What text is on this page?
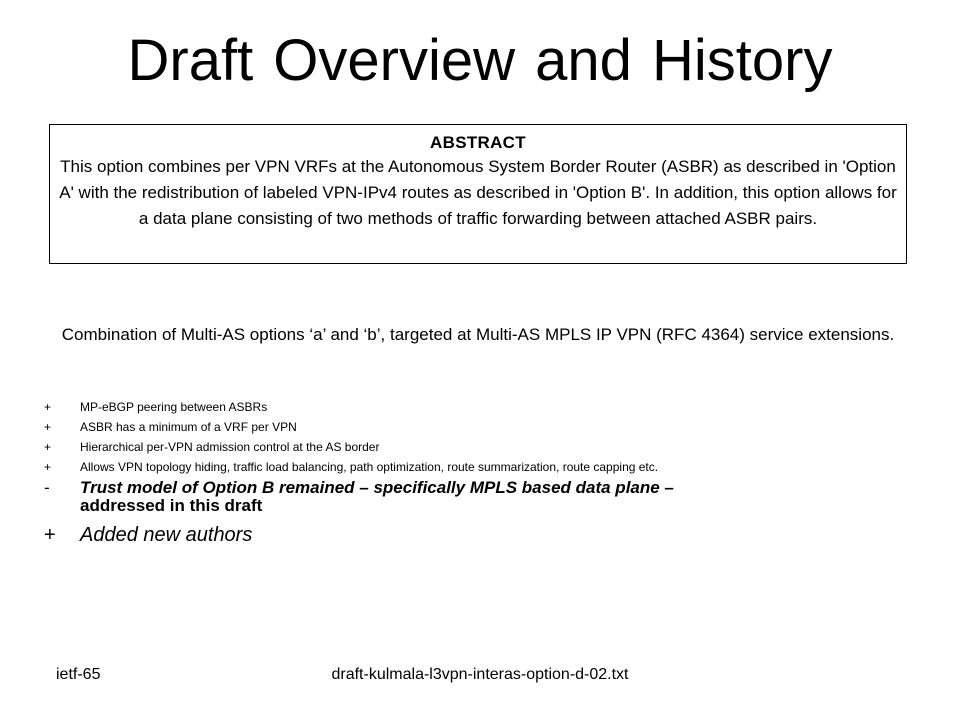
Draft Overview and History
ABSTRACT
This option combines per VPN VRFs at the Autonomous System Border Router (ASBR) as described in 'Option A' with the redistribution of labeled VPN-IPv4 routes as described in 'Option B'. In addition, this option allows for a data plane consisting of two methods of traffic forwarding between attached ASBR pairs.
Combination of Multi-AS options ‘a’ and ‘b’, targeted at Multi-AS MPLS IP VPN (RFC 4364) service extensions.
+ MP-eBGP peering between ASBRs
+ ASBR has a minimum of a VRF per VPN
+ Hierarchical per-VPN admission control at the AS border
+ Allows VPN topology hiding, traffic load balancing, path optimization, route summarization, route capping etc.
- Trust model of Option B remained – specifically MPLS based data plane –
addressed in this draft
+ Added new authors
ietf-65	draft-kulmala-l3vpn-interas-option-d-02.txt
